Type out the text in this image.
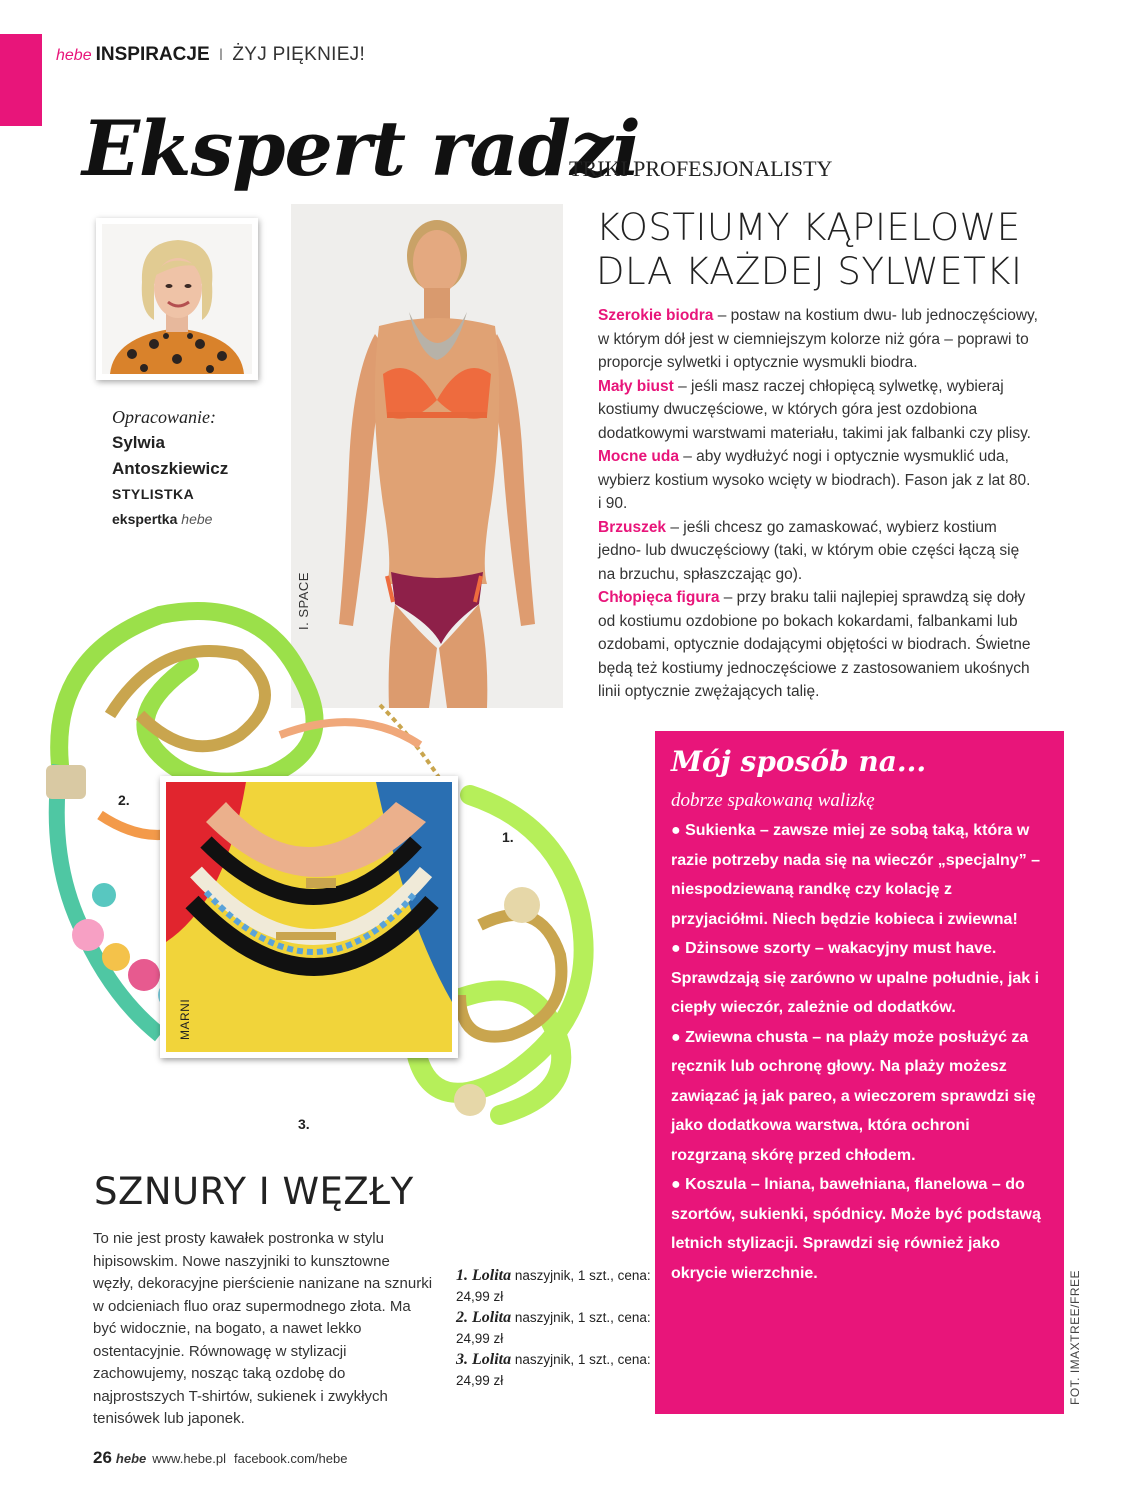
hebe INSPIRACJE I ŻYJ PIĘKNIEJ!
Ekspert radzi
TRIKI PROFESJONALISTY
Opracowanie:
Sylwia
Antoszkiewicz
STYLISTKA
ekspertka hebe
I. SPACE
KOSTIUMY KĄPIELOWE
DLA KAŻDEJ SYLWETKI

Szerokie biodra – postaw na kostium dwu- lub jednoczęściowy, w którym dół jest w ciemniejszym kolorze niż góra – poprawi to proporcje sylwetki i optycznie wysmukli biodra.

Mały biust – jeśli masz raczej chłopięcą sylwetkę, wybieraj kostiumy dwuczęściowe, w których góra jest ozdobiona dodatkowymi warstwami materiału, takimi jak falbanki czy plisy.

Mocne uda – aby wydłużyć nogi i optycznie wysmuklić uda, wybierz kostium wysoko wcięty w biodrach). Fason jak z lat 80. i 90.

Brzuszek – jeśli chcesz go zamaskować, wybierz kostium jedno- lub dwuczęściowy (taki, w którym obie części łączą się na brzuchu, spłaszczając go).

Chłopięca figura – przy braku talii najlepiej sprawdzą się doły od kostiumu ozdobione po bokach kokardami, falbankami lub ozdobami, optycznie dodającymi objętości w biodrach. Świetne będą też kostiumy jednoczęściowe z zastosowaniem ukośnych linii optycznie zwężających talię.

MARNI
1.
2.
3.
SZNURY I WĘZŁY
To nie jest prosty kawałek postronka w stylu hipisowskim. Nowe naszyjniki to kunsztowne węzły, dekoracyjne pierścienie nanizane na sznurki w odcieniach fluo oraz supermodnego złota. Ma być widocznie, na bogato, a nawet lekko ostentacyjnie. Równowagę w stylizacji zachowujemy, nosząc taką ozdobę do najprostszych T-shirtów, sukienek i zwykłych tenisówek lub japonek.
1. Lolita naszyjnik, 1 szt., cena: 24,99 zł
2. Lolita naszyjnik, 1 szt., cena: 24,99 zł
3. Lolita naszyjnik, 1 szt., cena: 24,99 zł
Mój sposób na...
dobrze spakowaną walizkę

● Sukienka – zawsze miej ze sobą taką, która w razie potrzeby nada się na wieczór „specjalny” – niespodziewaną randkę czy kolację z przyjaciółmi. Niech będzie kobieca i zwiewna!

● Dżinsowe szorty – wakacyjny must have. Sprawdzają się zarówno w upalne południe, jak i ciepły wieczór, zależnie od dodatków.

● Zwiewna chusta – na plaży może posłużyć za ręcznik lub ochronę głowy. Na plaży możesz zawiązać ją jak pareo, a wieczorem sprawdzi się jako dodatkowa warstwa, która ochroni rozgrzaną skórę przed chłodem.

● Koszula – lniana, bawełniana, flanelowa – do szortów, sukienki, spódnicy. Może być podstawą letnich stylizacji. Sprawdzi się również jako okrycie wierzchnie.	FOT. IMAXTREE/FREE
26 hebe www.hebe.pl facebook.com/hebe
